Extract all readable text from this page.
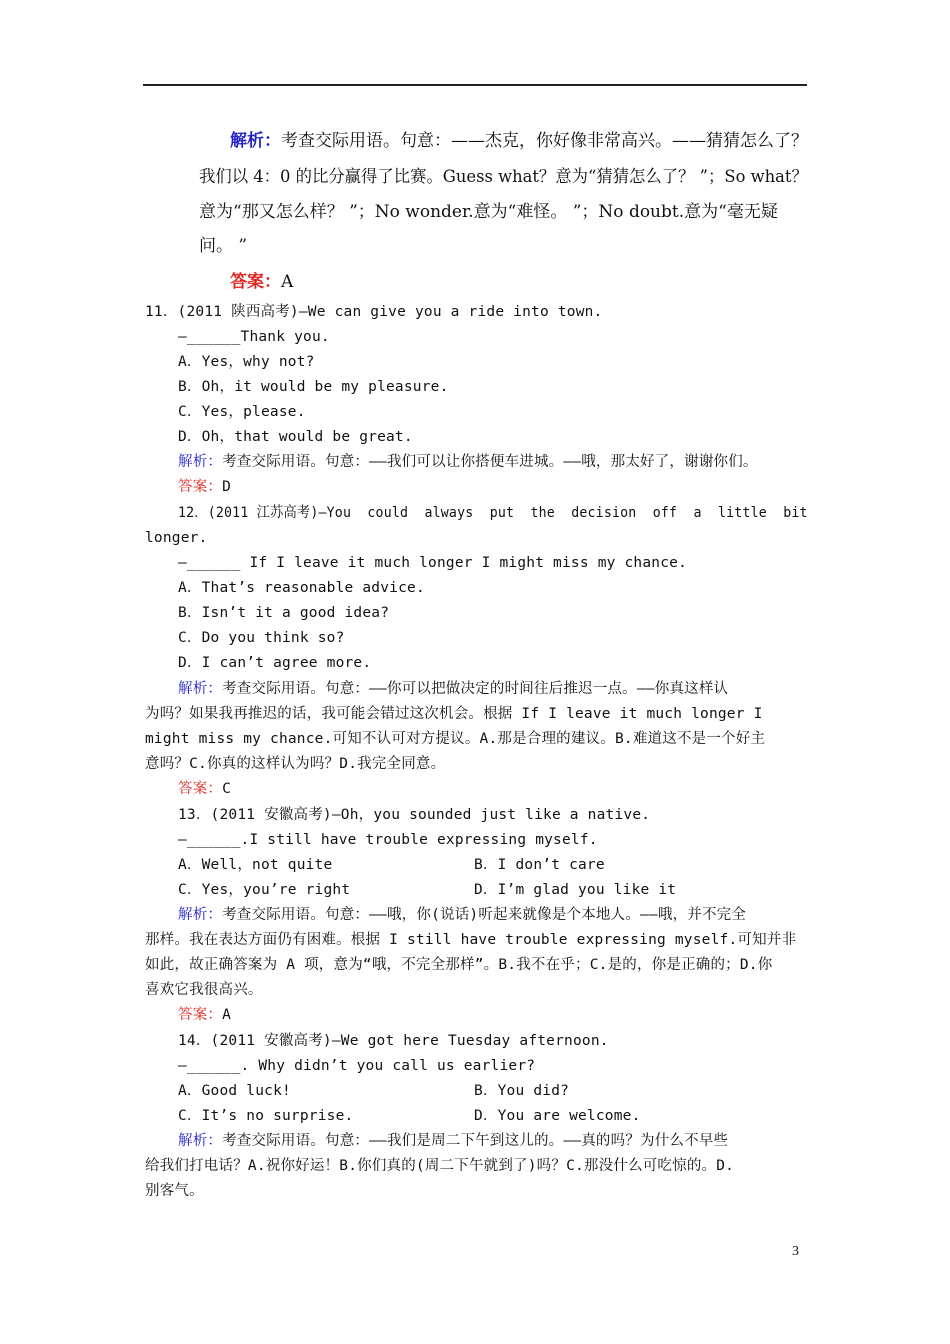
解析：考查交际用语。句意：——杰克，你好像非常高兴。——猜猜怎么了？
我们以 4：0 的比分赢得了比赛。Guess what？意为“猜猜怎么了？ ”；So what？
意为“那又怎么样？ ”；No wonder.意为“难怪。 ”；No doubt.意为“毫无疑
问。 ”
答案：A
11．(2011 陕西高考)—We can give you a ride into town.
—______Thank you.
A．Yes，why not?
B．Oh，it would be my pleasure.
C．Yes，please.
D．Oh，that would be great.
解析：考查交际用语。句意：——我们可以让你搭便车进城。——哦，那太好了，谢谢你们。
答案：D
12．(2011 江苏高考)—You  could  always  put  the  decision  off  a  little  bit
longer.
—______ If I leave it much longer I might miss my chance.
A．That’s reasonable advice.
B．Isn’t it a good idea?
C．Do you think so?
D．I can’t agree more.
解析：考查交际用语。句意：——你可以把做决定的时间往后推迟一点。——你真这样认
为吗？如果我再推迟的话，我可能会错过这次机会。根据 If I leave it much longer I
might miss my chance.可知不认可对方提议。A.那是合理的建议。B.难道这不是一个好主
意吗？C.你真的这样认为吗？D.我完全同意。
答案：C
13．(2011 安徽高考)—Oh，you sounded just like a native.
—______.I still have trouble expressing myself.
A．Well，not quite	B．I don’t care
C．Yes，you’re right	D．I’m glad you like it
解析：考查交际用语。句意：——哦，你(说话)听起来就像是个本地人。——哦，并不完全
那样。我在表达方面仍有困难。根据 I still have trouble expressing myself.可知并非
如此，故正确答案为 A 项，意为“哦，不完全那样”。B.我不在乎；C.是的，你是正确的；D.你
喜欢它我很高兴。
答案：A
14．(2011 安徽高考)—We got here Tuesday afternoon.
—______. Why didn’t you call us earlier?
A．Good luck!	B．You did?
C．It’s no surprise.	D．You are welcome.
解析：考查交际用语。句意：——我们是周二下午到这儿的。——真的吗？为什么不早些
给我们打电话？A.祝你好运！B.你们真的(周二下午就到了)吗？C.那没什么可吃惊的。D.
别客气。
3
